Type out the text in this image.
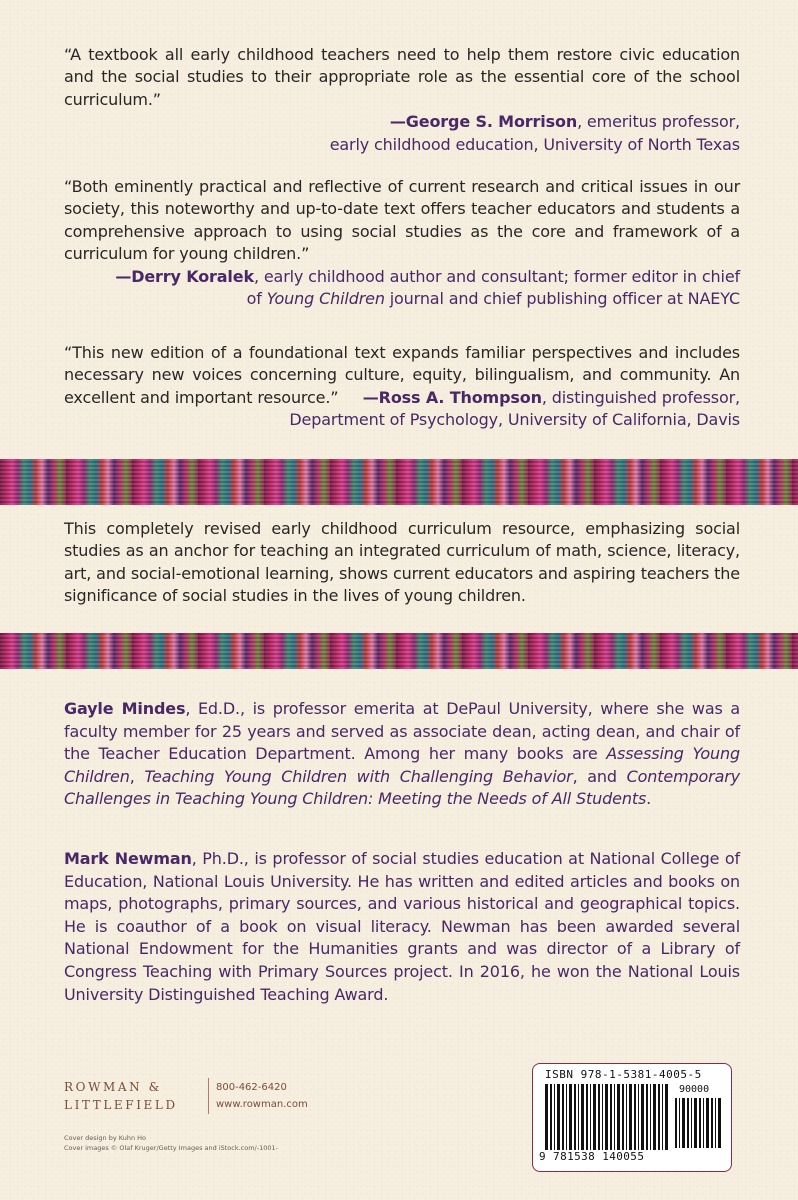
“A textbook all early childhood teachers need to help them restore civic education and the social studies to their appropriate role as the essential core of the school curriculum.”
—George S. Morrison, emeritus professor,
early childhood education, University of North Texas
“Both eminently practical and reflective of current research and critical issues in our society, this noteworthy and up-to-date text offers teacher educators and students a comprehensive approach to using social studies as the core and framework of a curriculum for young children.”
—Derry Koralek, early childhood author and consultant; former editor in chief
of Young Children journal and chief publishing officer at NAEYC
“This new edition of a foundational text expands familiar perspectives and includes necessary new voices concerning culture, equity, bilingualism, and community. An excellent and important resource.”	—Ross A. Thompson, distinguished professor,
Department of Psychology, University of California, Davis
This completely revised early childhood curriculum resource, emphasizing social studies as an anchor for teaching an integrated curriculum of math, science, literacy, art, and social-emotional learning, shows current educators and aspiring teachers the significance of social studies in the lives of young children.
Gayle Mindes, Ed.D., is professor emerita at DePaul University, where she was a faculty member for 25 years and served as associate dean, acting dean, and chair of the Teacher Education Department. Among her many books are Assessing Young Children, Teaching Young Children with Challenging Behavior, and Contemporary Challenges in Teaching Young Children: Meeting the Needs of All Students.
Mark Newman, Ph.D., is professor of social studies education at National College of Education, National Louis University. He has written and edited articles and books on maps, photographs, primary sources, and various historical and geographical topics. He is coauthor of a book on visual literacy. Newman has been awarded several National Endowment for the Humanities grants and was director of a Library of Congress Teaching with Primary Sources project. In 2016, he won the National Louis University Distinguished Teaching Award.
ROWMAN &
LITTLEFIELD
800-462-6420
www.rowman.com
Cover design by Kuhn Ho
Cover images © Olaf Kruger/Getty Images and iStock.com/-1001-
ISBN 978-1-5381-4005-5
90000
9 781538 140055
